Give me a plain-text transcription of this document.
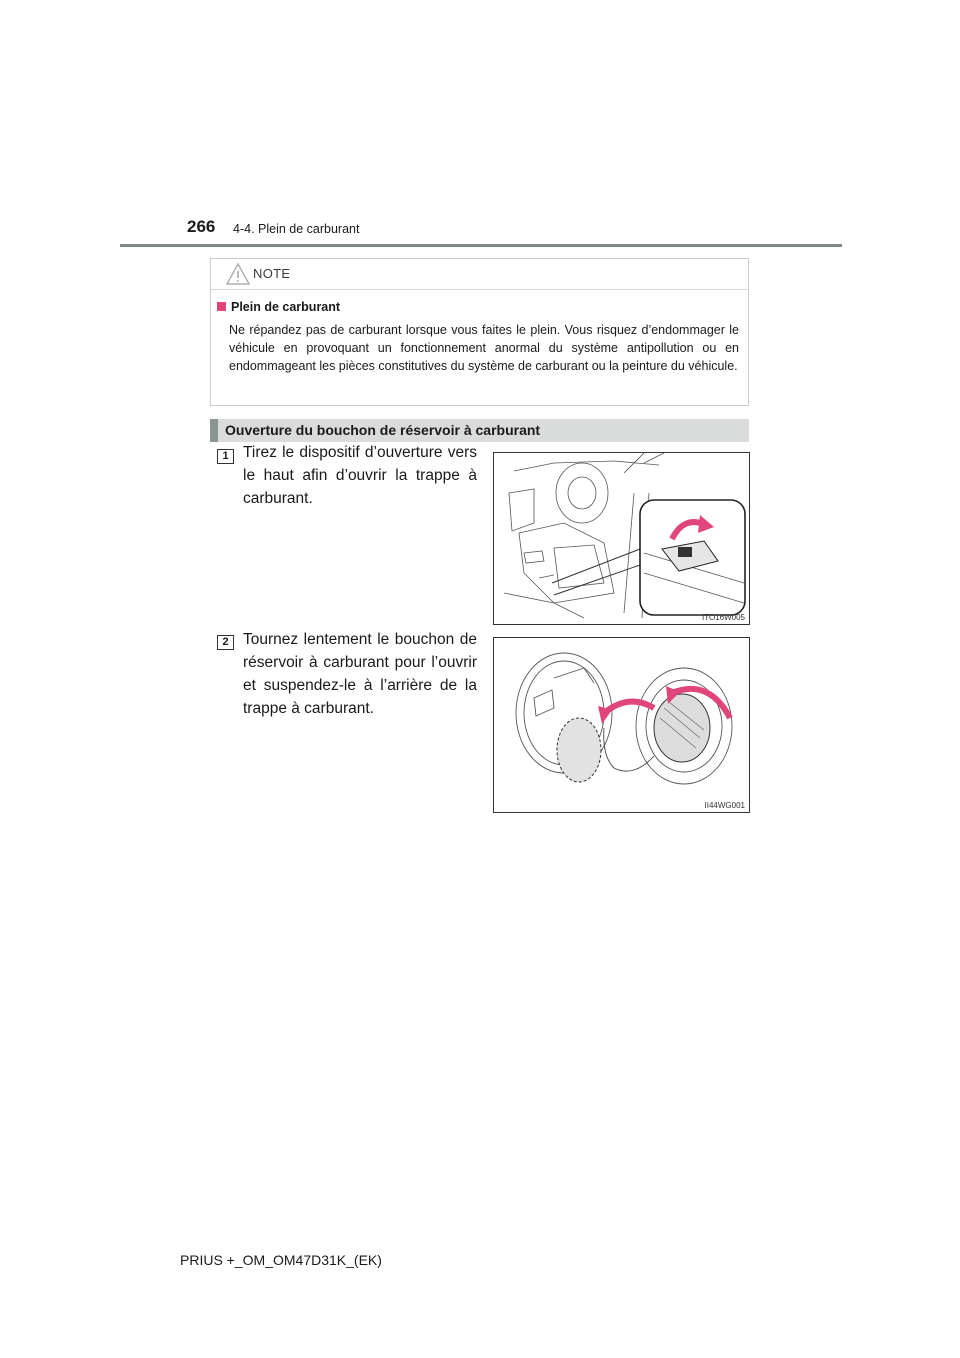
266 4-4. Plein de carburant
NOTE
Plein de carburant
Ne répandez pas de carburant lorsque vous faites le plein. Vous risquez d’endommager le véhicule en provoquant un fonctionnement anormal du système antipollution ou en endommageant les pièces constitutives du système de carburant ou la peinture du véhicule.
Ouverture du bouchon de réservoir à carburant
1 Tirez le dispositif d’ouverture vers le haut afin d’ouvrir la trappe à carburant.
ITO16W005
2 Tournez lentement le bouchon de réservoir à carburant pour l’ouvrir et suspendez-le à l’arrière de la trappe à carburant.
II44WG001
PRIUS +_OM_OM47D31K_(EK)
